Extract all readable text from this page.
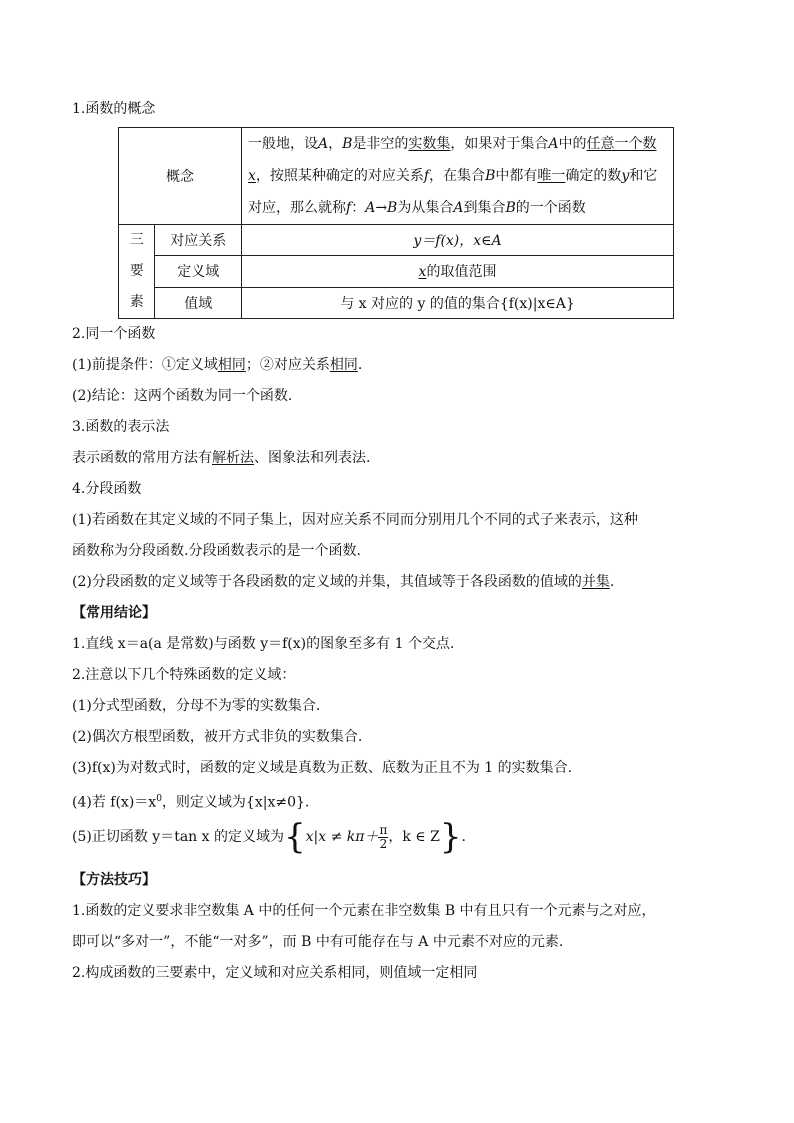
1.函数的概念
概念		一般地，设A，B是非空的实数集，如果对于集合A中的任意一个数 x，按照某种确定的对应关系f，在集合B中都有唯一确定的数y和它对应，那么就称f：A→B为从集合A到集合B的一个函数

三
要
素	对应关系	y＝f(x)，x∈A
	定义域	x的取值范围
	值域	与 x 对应的 y 的值的集合{f(x)|x∈A}
2.同一个函数
(1)前提条件：①定义域相同；②对应关系相同.
(2)结论：这两个函数为同一个函数.
3.函数的表示法
表示函数的常用方法有解析法、图象法和列表法.
4.分段函数
(1)若函数在其定义域的不同子集上，因对应关系不同而分别用几个不同的式子来表示，这种
函数称为分段函数.分段函数表示的是一个函数.
(2)分段函数的定义域等于各段函数的定义域的并集，其值域等于各段函数的值域的并集.
【常用结论】
1.直线 x＝a(a 是常数)与函数 y＝f(x)的图象至多有 1 个交点.
2.注意以下几个特殊函数的定义域：
(1)分式型函数，分母不为零的实数集合.
(2)偶次方根型函数，被开方式非负的实数集合.
(3)f(x)为对数式时，函数的定义域是真数为正数、底数为正且不为 1 的实数集合.
(4)若 $f(x)=x^0$，则定义域为{x|x≠0}.
(5)正切函数 y＝tan x 的定义域为{$x|x \ne k\pi+ \frac{\pi}{2}$ ，k ∈ Z}.
【方法技巧】
1.函数的定义要求非空数集 A 中的任何一个元素在非空数集 B 中有且只有一个元素与之对应，
即可以“多对一”，不能“一对多”，而 B 中有可能存在与 A 中元素不对应的元素.
2.构成函数的三要素中，定义域和对应关系相同，则值域一定相同
